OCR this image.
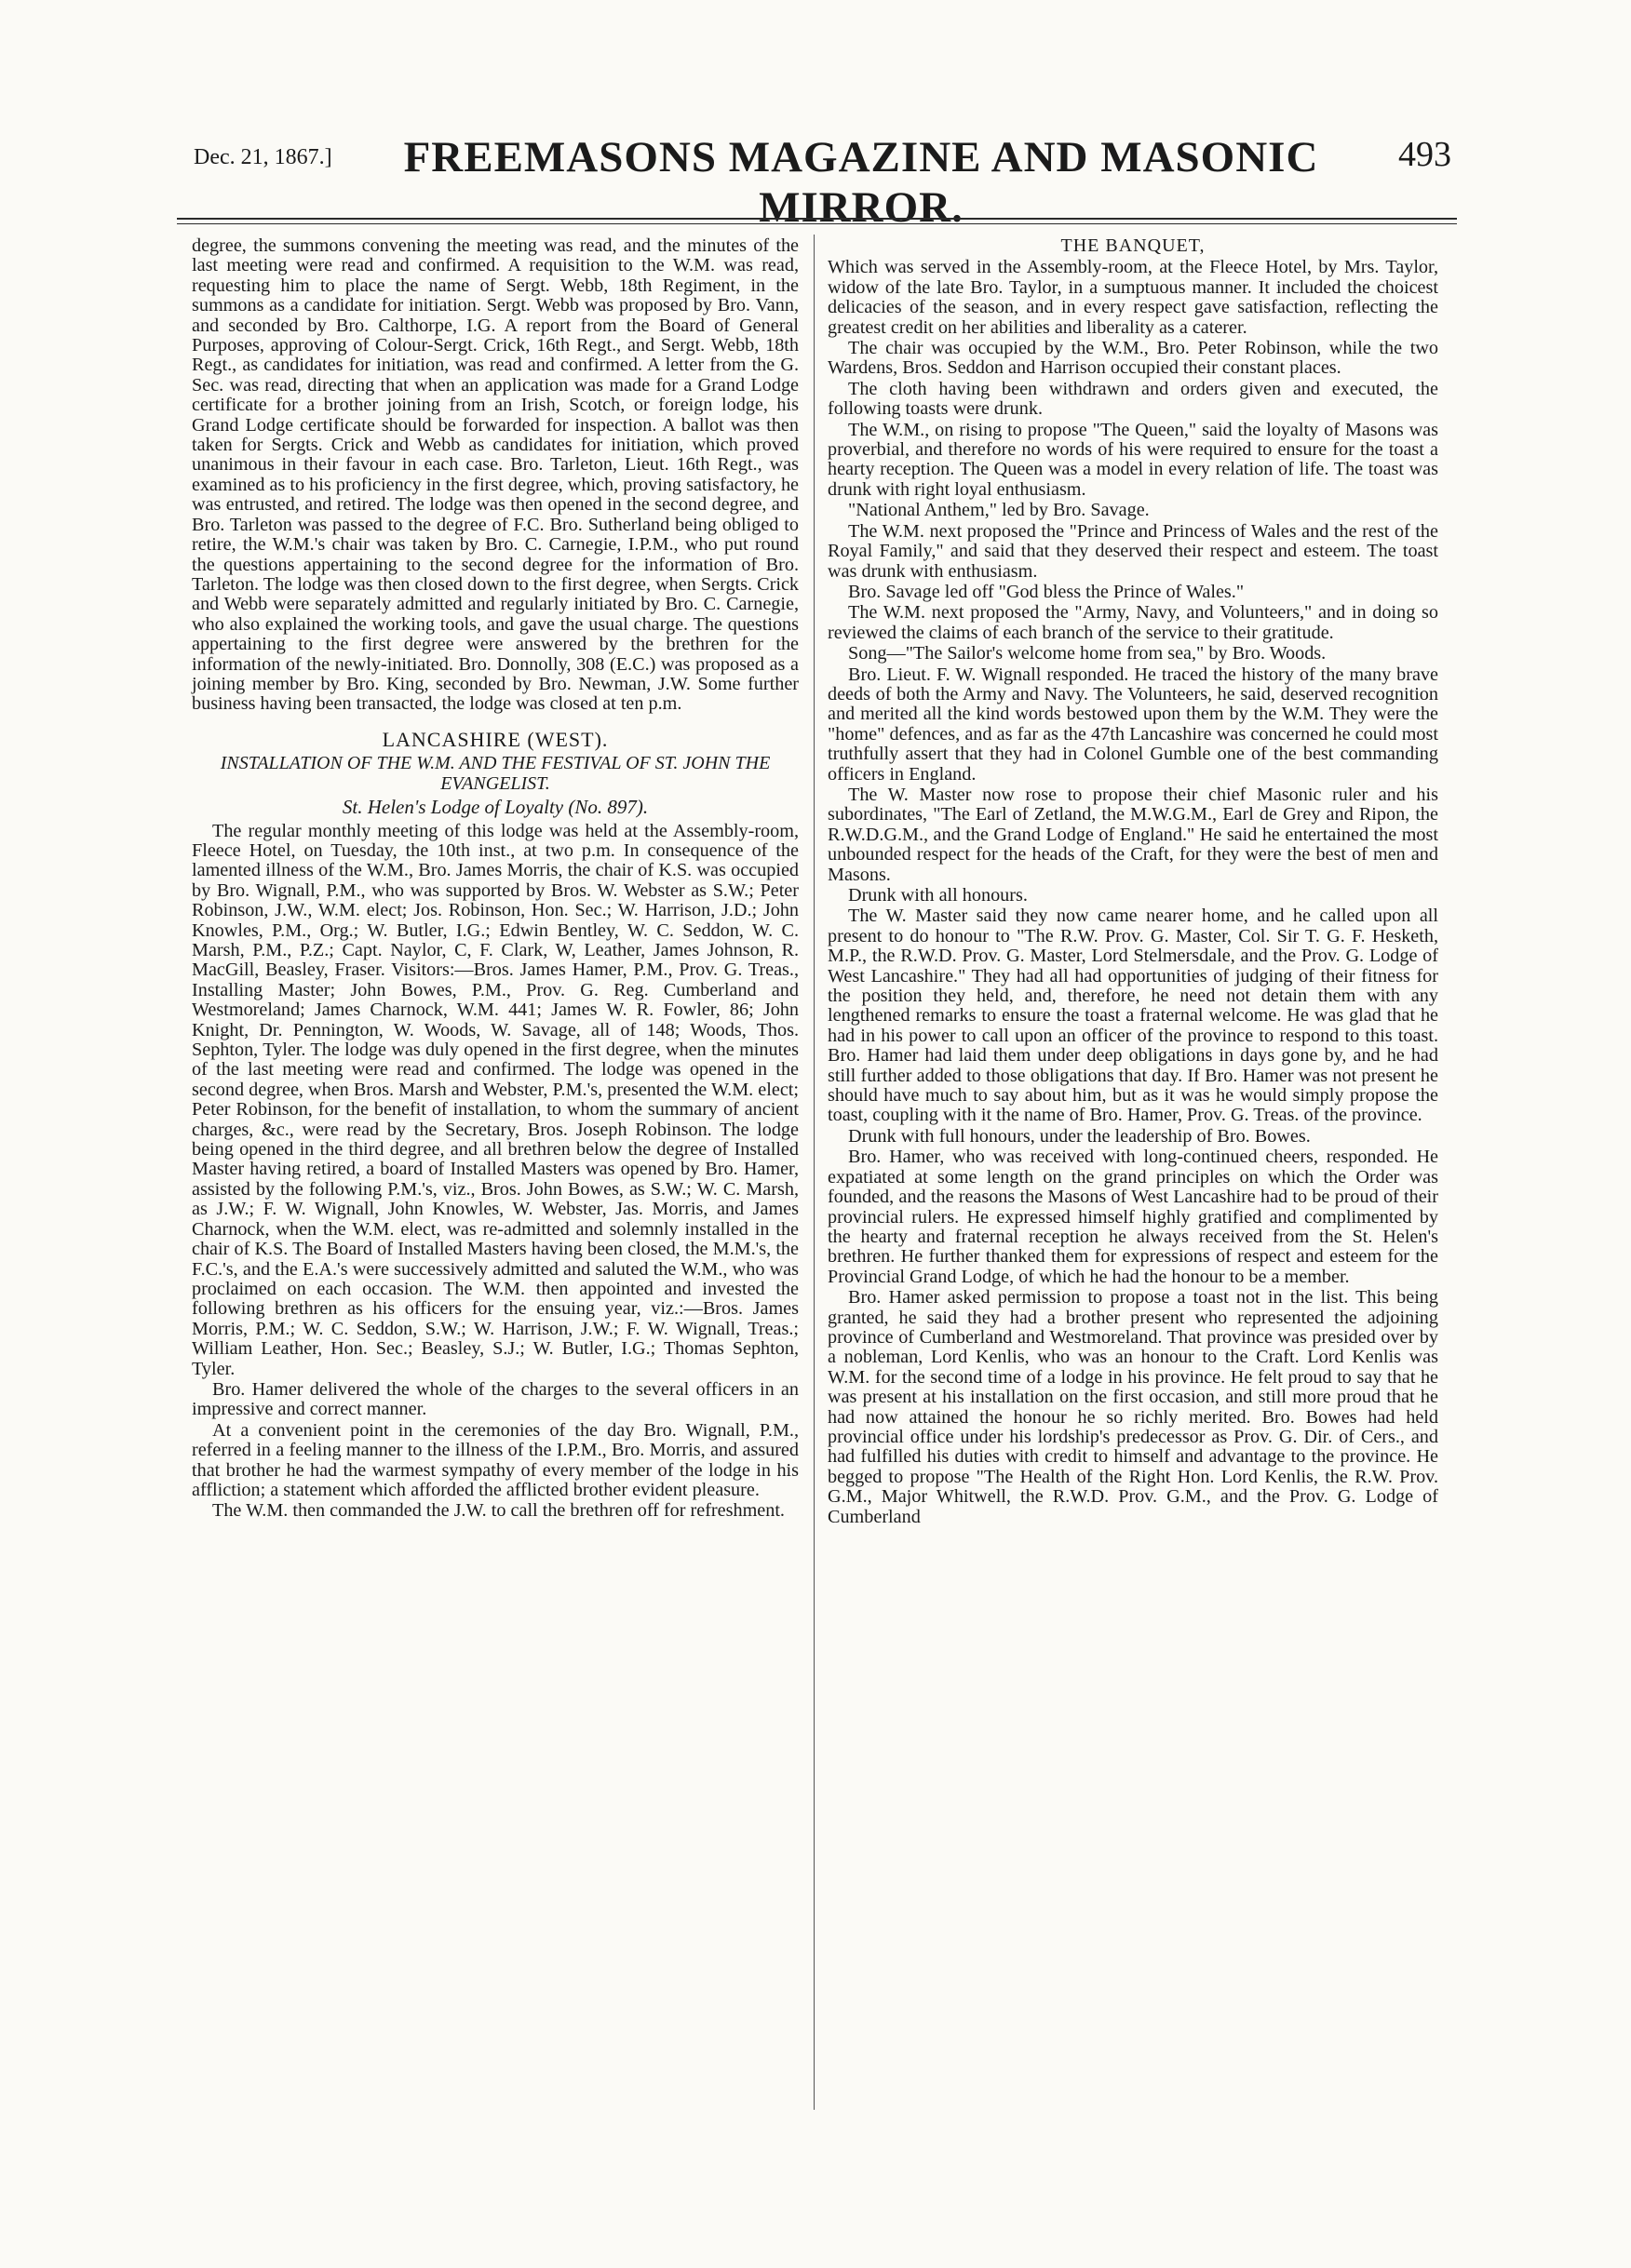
Dec. 21, 1867.]	FREEMASONS MAGAZINE AND MASONIC MIRROR.
493

degree, the summons convening the meeting was read, and the minutes of the last meeting were read and confirmed. A requisition to the W.M. was read, requesting him to place the name of Sergt. Webb, 18th Regiment, in the summons as a candidate for initiation. Sergt. Webb was proposed by Bro. Vann, and seconded by Bro. Calthorpe, I.G. A report from the Board of General Purposes, approving of Colour-Sergt. Crick, 16th Regt., and Sergt. Webb, 18th Regt., as candidates for initiation, was read and confirmed. A letter from the G. Sec. was read, directing that when an application was made for a Grand Lodge certificate for a brother joining from an Irish, Scotch, or foreign lodge, his Grand Lodge certificate should be forwarded for inspection. A ballot was then taken for Sergts. Crick and Webb as candidates for initiation, which proved unanimous in their favour in each case. Bro. Tarleton, Lieut. 16th Regt., was examined as to his proficiency in the first degree, which, proving satisfactory, he was entrusted, and retired. The lodge was then opened in the second degree, and Bro. Tarleton was passed to the degree of F.C. Bro. Sutherland being obliged to retire, the W.M.'s chair was taken by Bro. C. Carnegie, I.P.M., who put round the questions appertaining to the second degree for the information of Bro. Tarleton. The lodge was then closed down to the first degree, when Sergts. Crick and Webb were separately admitted and regularly initiated by Bro. C. Carnegie, who also explained the working tools, and gave the usual charge. The questions appertaining to the first degree were answered by the brethren for the information of the newly-initiated. Bro. Donnolly, 308 (E.C.) was proposed as a joining member by Bro. King, seconded by Bro. Newman, J.W. Some further business having been transacted, the lodge was closed at ten p.m.

LANCASHIRE (WEST).
INSTALLATION OF THE W.M. AND THE FESTIVAL OF ST. JOHN THE EVANGELIST.
St. Helen's Lodge of Loyalty (No. 897).

The regular monthly meeting of this lodge was held at the Assembly-room, Fleece Hotel, on Tuesday, the 10th inst., at two p.m. In consequence of the lamented illness of the W.M., Bro. James Morris, the chair of K.S. was occupied by Bro. Wignall, P.M., who was supported by Bros. W. Webster as S.W.; Peter Robinson, J.W., W.M. elect; Jos. Robinson, Hon. Sec.; W. Harrison, J.D.; John Knowles, P.M., Org.; W. Butler, I.G.; Edwin Bentley, W. C. Seddon, W. C. Marsh, P.M., P.Z.; Capt. Naylor, C, F. Clark, W, Leather, James Johnson, R. MacGill, Beasley, Fraser. Visitors:—Bros. James Hamer, P.M., Prov. G. Treas., Installing Master; John Bowes, P.M., Prov. G. Reg. Cumberland and Westmoreland; James Charnock, W.M. 441; James W. R. Fowler, 86; John Knight, Dr. Pennington, W. Woods, W. Savage, all of 148; Woods, Thos. Sephton, Tyler. The lodge was duly opened in the first degree, when the minutes of the last meeting were read and confirmed. The lodge was opened in the second degree, when Bros. Marsh and Webster, P.M.'s, presented the W.M. elect; Peter Robinson, for the benefit of installation, to whom the summary of ancient charges, &c., were read by the Secretary, Bros. Joseph Robinson. The lodge being opened in the third degree, and all brethren below the degree of Installed Master having retired, a board of Installed Masters was opened by Bro. Hamer, assisted by the following P.M.'s, viz., Bros. John Bowes, as S.W.; W. C. Marsh, as J.W.; F. W. Wignall, John Knowles, W. Webster, Jas. Morris, and James Charnock, when the W.M. elect, was re-admitted and solemnly installed in the chair of K.S. The Board of Installed Masters having been closed, the M.M.'s, the F.C.'s, and the E.A.'s were successively admitted and saluted the W.M., who was proclaimed on each occasion. The W.M. then appointed and invested the following brethren as his officers for the ensuing year, viz.:—Bros. James Morris, P.M.; W. C. Seddon, S.W.; W. Harrison, J.W.; F. W. Wignall, Treas.; William Leather, Hon. Sec.; Beasley, S.J.; W. Butler, I.G.; Thomas Sephton, Tyler.

Bro. Hamer delivered the whole of the charges to the several officers in an impressive and correct manner.

At a convenient point in the ceremonies of the day Bro. Wignall, P.M., referred in a feeling manner to the illness of the I.P.M., Bro. Morris, and assured that brother he had the warmest sympathy of every member of the lodge in his affliction; a statement which afforded the afflicted brother evident pleasure.

The W.M. then commanded the J.W. to call the brethren off for refreshment.

THE BANQUET,

Which was served in the Assembly-room, at the Fleece Hotel, by Mrs. Taylor, widow of the late Bro. Taylor, in a sumptuous manner. It included the choicest delicacies of the season, and in every respect gave satisfaction, reflecting the greatest credit on her abilities and liberality as a caterer.

The chair was occupied by the W.M., Bro. Peter Robinson, while the two Wardens, Bros. Seddon and Harrison occupied their constant places.

The cloth having been withdrawn and orders given and executed, the following toasts were drunk.

The W.M., on rising to propose "The Queen," said the loyalty of Masons was proverbial, and therefore no words of his were required to ensure for the toast a hearty reception. The Queen was a model in every relation of life. The toast was drunk with right loyal enthusiasm.

"National Anthem," led by Bro. Savage.

The W.M. next proposed the "Prince and Princess of Wales and the rest of the Royal Family," and said that they deserved their respect and esteem. The toast was drunk with enthusiasm.

Bro. Savage led off "God bless the Prince of Wales."

The W.M. next proposed the "Army, Navy, and Volunteers," and in doing so reviewed the claims of each branch of the service to their gratitude.

Song—"The Sailor's welcome home from sea," by Bro. Woods.

Bro. Lieut. F. W. Wignall responded. He traced the history of the many brave deeds of both the Army and Navy. The Volunteers, he said, deserved recognition and merited all the kind words bestowed upon them by the W.M. They were the "home" defences, and as far as the 47th Lancashire was concerned he could most truthfully assert that they had in Colonel Gumble one of the best commanding officers in England.

The W. Master now rose to propose their chief Masonic ruler and his subordinates, "The Earl of Zetland, the M.W.G.M., Earl de Grey and Ripon, the R.W.D.G.M., and the Grand Lodge of England." He said he entertained the most unbounded respect for the heads of the Craft, for they were the best of men and Masons.

Drunk with all honours.

The W. Master said they now came nearer home, and he called upon all present to do honour to "The R.W. Prov. G. Master, Col. Sir T. G. F. Hesketh, M.P., the R.W.D. Prov. G. Master, Lord Stelmersdale, and the Prov. G. Lodge of West Lancashire." They had all had opportunities of judging of their fitness for the position they held, and, therefore, he need not detain them with any lengthened remarks to ensure the toast a fraternal welcome. He was glad that he had in his power to call upon an officer of the province to respond to this toast. Bro. Hamer had laid them under deep obligations in days gone by, and he had still further added to those obligations that day. If Bro. Hamer was not present he should have much to say about him, but as it was he would simply propose the toast, coupling with it the name of Bro. Hamer, Prov. G. Treas. of the province.

Drunk with full honours, under the leadership of Bro. Bowes.

Bro. Hamer, who was received with long-continued cheers, responded. He expatiated at some length on the grand principles on which the Order was founded, and the reasons the Masons of West Lancashire had to be proud of their provincial rulers. He expressed himself highly gratified and complimented by the hearty and fraternal reception he always received from the St. Helen's brethren. He further thanked them for expressions of respect and esteem for the Provincial Grand Lodge, of which he had the honour to be a member.

Bro. Hamer asked permission to propose a toast not in the list. This being granted, he said they had a brother present who represented the adjoining province of Cumberland and Westmoreland. That province was presided over by a nobleman, Lord Kenlis, who was an honour to the Craft. Lord Kenlis was W.M. for the second time of a lodge in his province. He felt proud to say that he was present at his installation on the first occasion, and still more proud that he had now attained the honour he so richly merited. Bro. Bowes had held provincial office under his lordship's predecessor as Prov. G. Dir. of Cers., and had fulfilled his duties with credit to himself and advantage to the province. He begged to propose "The Health of the Right Hon. Lord Kenlis, the R.W. Prov. G.M., Major Whitwell, the R.W.D. Prov. G.M., and the Prov. G. Lodge of Cumberland
